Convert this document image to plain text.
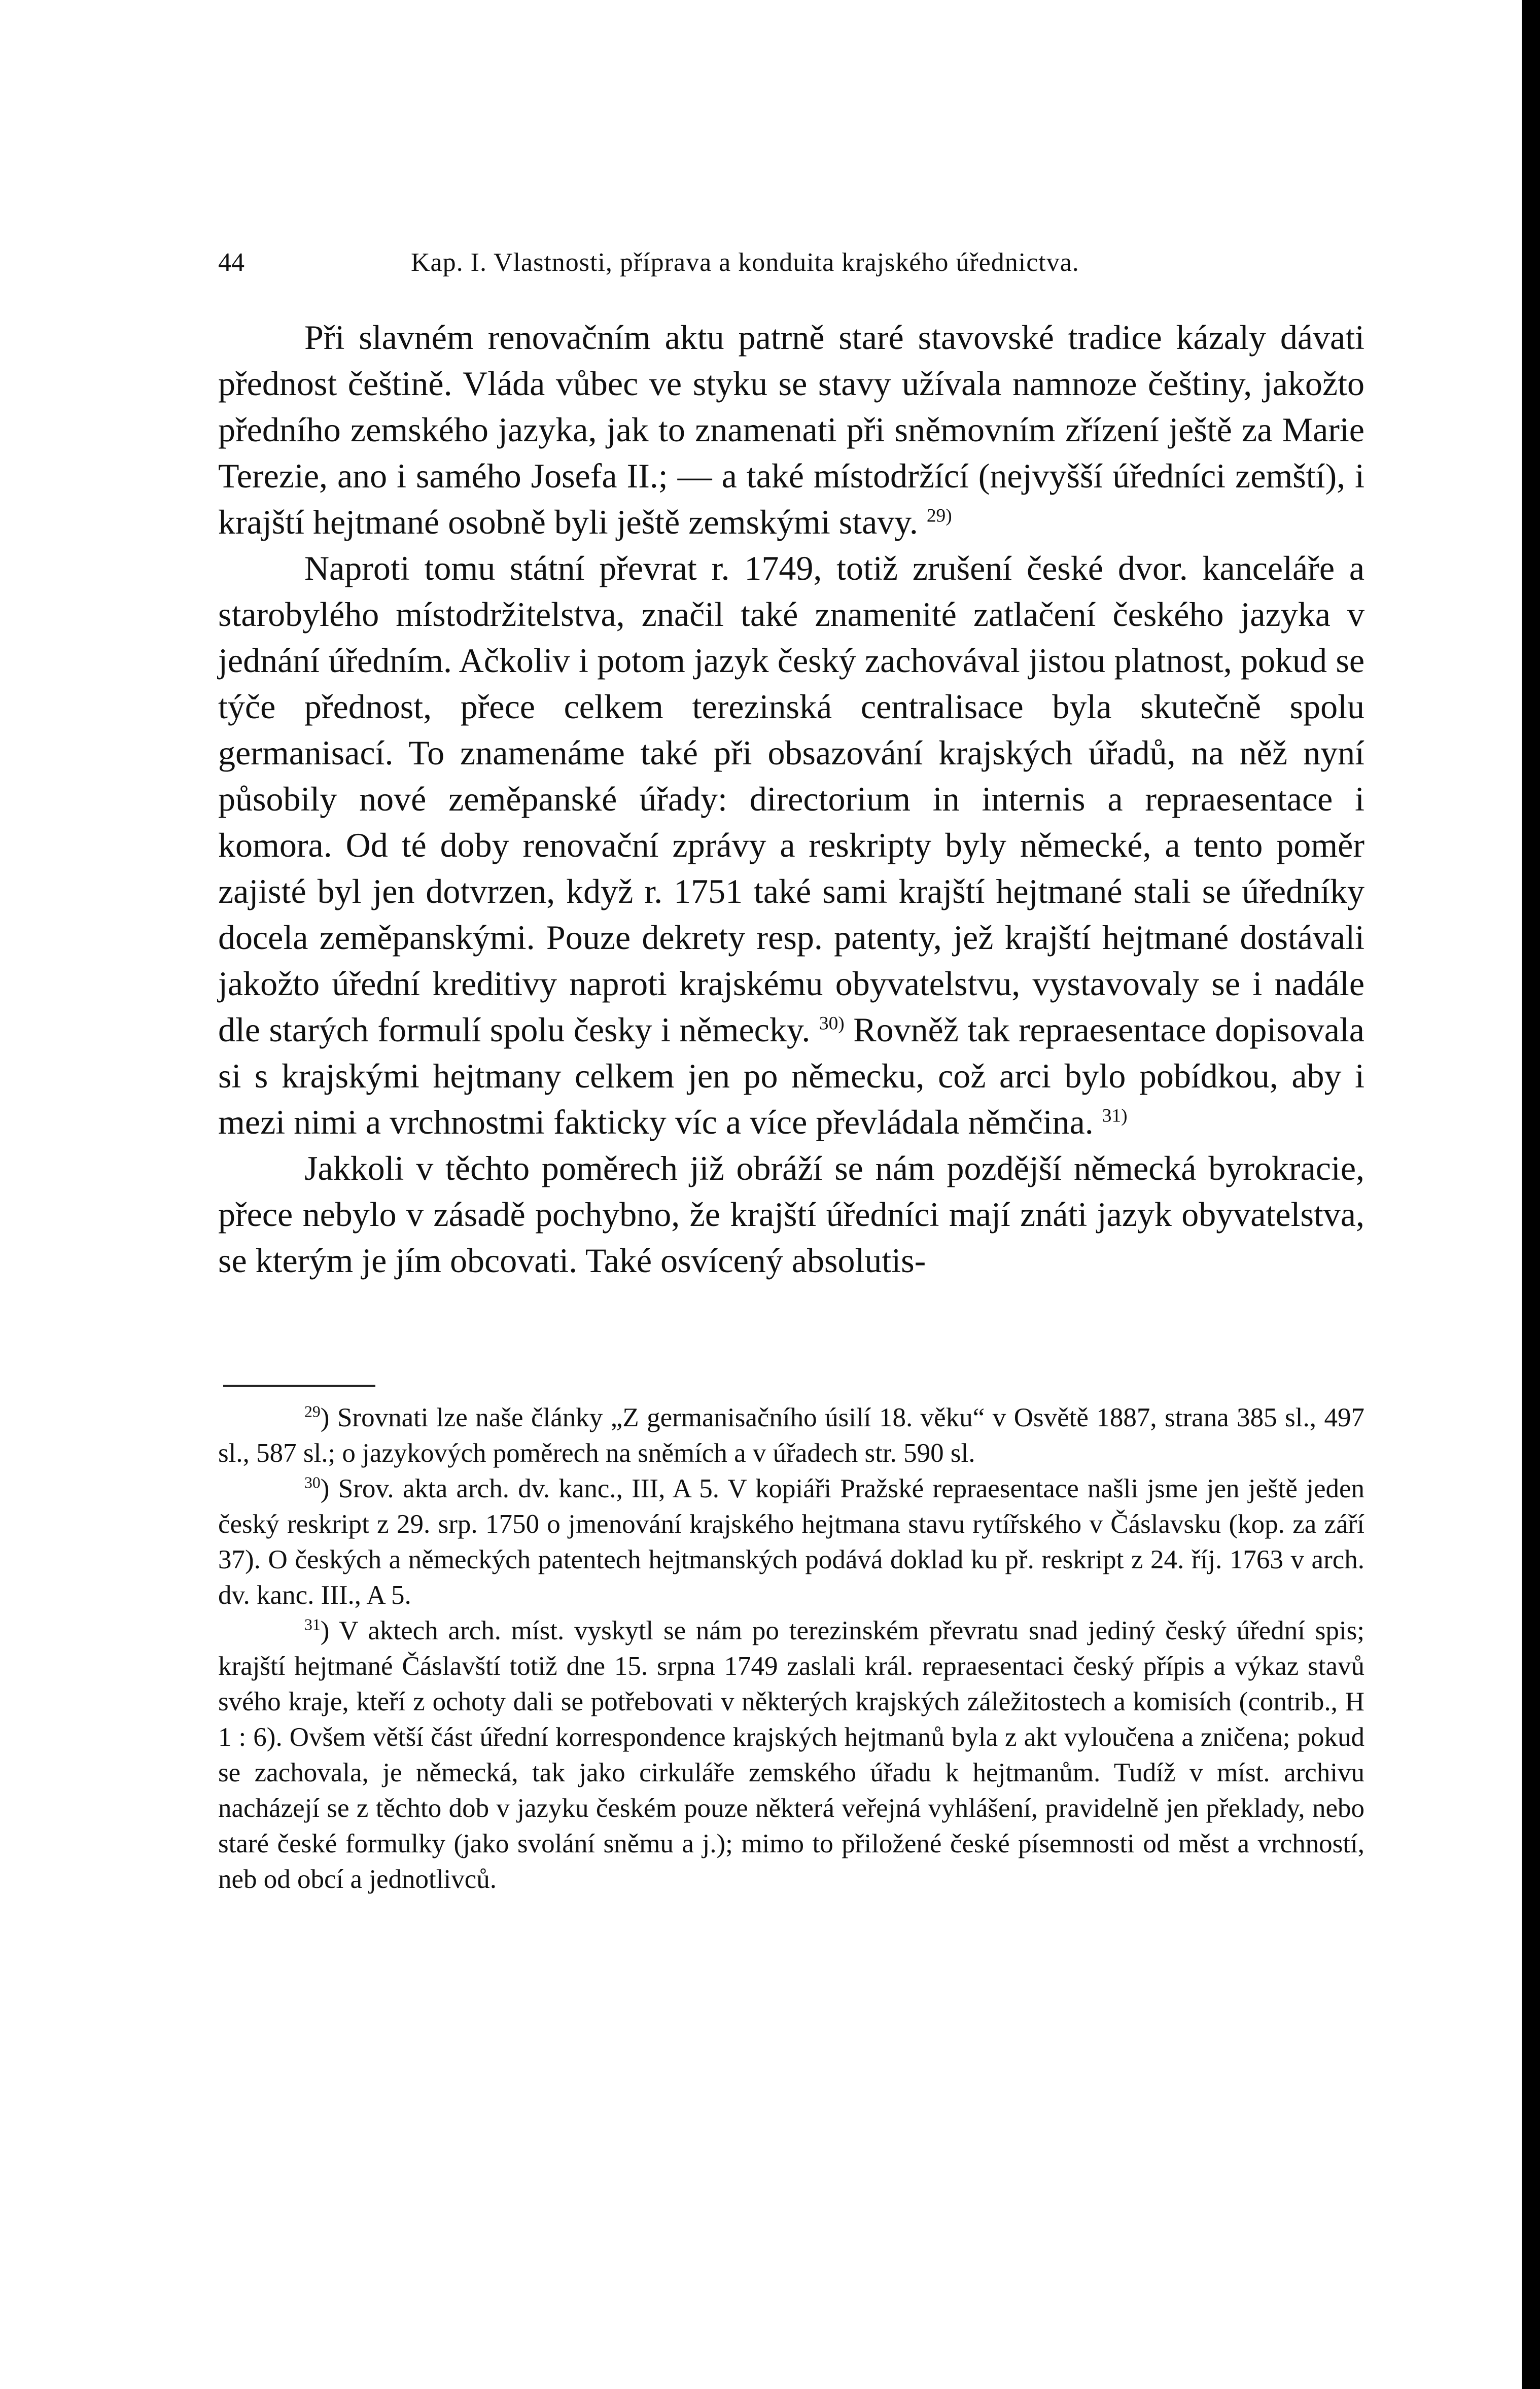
44	Kap. I. Vlastnosti, příprava a konduita krajského úřednictva.

Při slavném renovačním aktu patrně staré stavovské tradice kázaly dávati přednost češtině. Vláda vůbec ve styku se stavy užívala namnoze češtiny, jakožto předního zemského jazyka, jak to znamenati při sněmovním zřízení ještě za Marie Terezie, ano i samého Josefa II.; — a také místodržící (nejvyšší úředníci zemští), i krajští hejtmané osobně byli ještě zemskými stavy. $^{29)}$

Naproti tomu státní převrat r. 1749, totiž zrušení české dvor. kanceláře a starobylého místodržitelstva, značil také znamenité zatlačení českého jazyka v jednání úředním. Ačkoliv i potom jazyk český zachovával jistou platnost, pokud se týče přednost, přece celkem terezinská centralisace byla skutečně spolu germanisací. To znamenáme také při obsazování krajských úřadů, na něž nyní působily nové zeměpanské úřady: directorium in internis a repraesentace i komora. Od té doby renovační zprávy a reskripty byly německé, a tento poměr zajisté byl jen dotvrzen, když r. 1751 také sami krajští hejtmané stali se úředníky docela zeměpanskými. Pouze dekrety resp. patenty, jež krajští hejtmané dostávali jakožto úřední kreditivy naproti krajskému obyvatelstvu, vystavovaly se i nadále dle starých formulí spolu česky i německy. $^{30)}$ Rovněž tak repraesentace dopisovala si s krajskými hejtmany celkem jen po německu, což arci bylo pobídkou, aby i mezi nimi a vrchnostmi fakticky víc a více převládala němčina. $^{31)}$

Jakkoli v těchto poměrech již obráží se nám pozdější německá byrokracie, přece nebylo v zásadě pochybno, že krajští úředníci mají znáti jazyk obyvatelstva, se kterým je jím obcovati. Také osvícený absolutis-

$^{29}$) Srovnati lze naše články „Z germanisačního úsilí 18. věku“ v Osvětě 1887, strana 385 sl., 497 sl., 587 sl.; o jazykových poměrech na sněmích a v úřadech str. 590 sl.

$^{30}$) Srov. akta arch. dv. kanc., III, A 5. V kopiáři Pražské repraesentace našli jsme jen ještě jeden český reskript z 29. srp. 1750 o jmenování krajského hejtmana stavu rytířského v Čáslavsku (kop. za září 37). O českých a německých patentech hejtmanských podává doklad ku př. reskript z 24. říj. 1763 v arch. dv. kanc. III., A 5.

$^{31}$) V aktech arch. míst. vyskytl se nám po terezinském převratu snad jediný český úřední spis; krajští hejtmané Čáslavští totiž dne 15. srpna 1749 zaslali král. repraesentaci český přípis a výkaz stavů svého kraje, kteří z ochoty dali se potřebovati v některých krajských záležitostech a komisích (contrib., H 1 : 6). Ovšem větší část úřední korrespondence krajských hejtmanů byla z akt vyloučena a zničena; pokud se zachovala, je německá, tak jako cirkuláře zemského úřadu k hejtmanům. Tudíž v míst. archivu nacházejí se z těchto dob v jazyku českém pouze některá veřejná vyhlášení, pravidelně jen překlady, nebo staré české formulky (jako svolání sněmu a j.); mimo to přiložené české písemnosti od měst a vrchností, neb od obcí a jednotlivců.
